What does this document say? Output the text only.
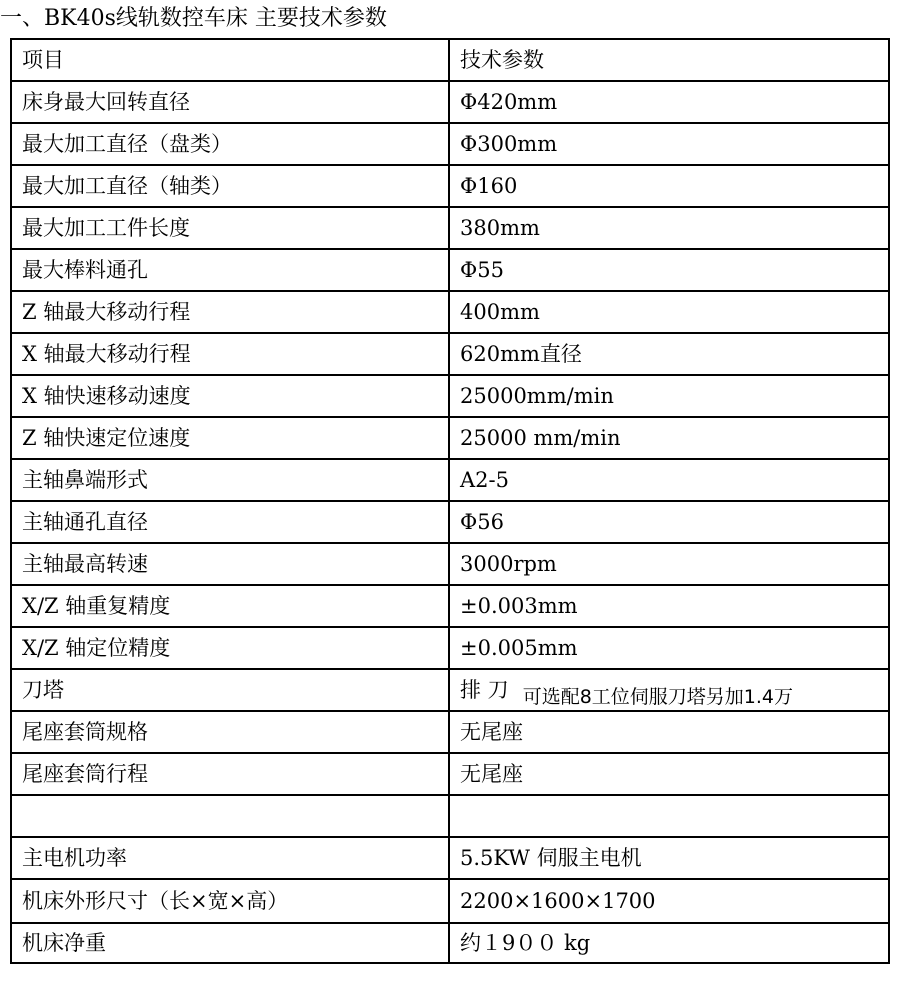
一、BK40s线轨数控车床 主要技术参数
项目	技术参数
床身最大回转直径	Φ420mm
最大加工直径（盘类）	Φ300mm
最大加工直径（轴类）	Φ160
最大加工工件长度	380mm
最大棒料通孔	Φ55
Z 轴最大移动行程	400mm
X 轴最大移动行程	620mm直径
X 轴快速移动速度	25000mm/min
Z 轴快速定位速度	25000 mm/min
主轴鼻端形式	A2-5
主轴通孔直径	Φ56
主轴最高转速	3000rpm
X/Z 轴重复精度	±0.003mm
X/Z 轴定位精度	±0.005mm
刀塔	排 刀 可选配8工位伺服刀塔另加1.4万
尾座套筒规格	无尾座
尾座套筒行程	无尾座

主电机功率	5.5KW 伺服主电机
机床外形尺寸（长×宽×高）	2200×1600×1700
机床净重	约１9００ kg
